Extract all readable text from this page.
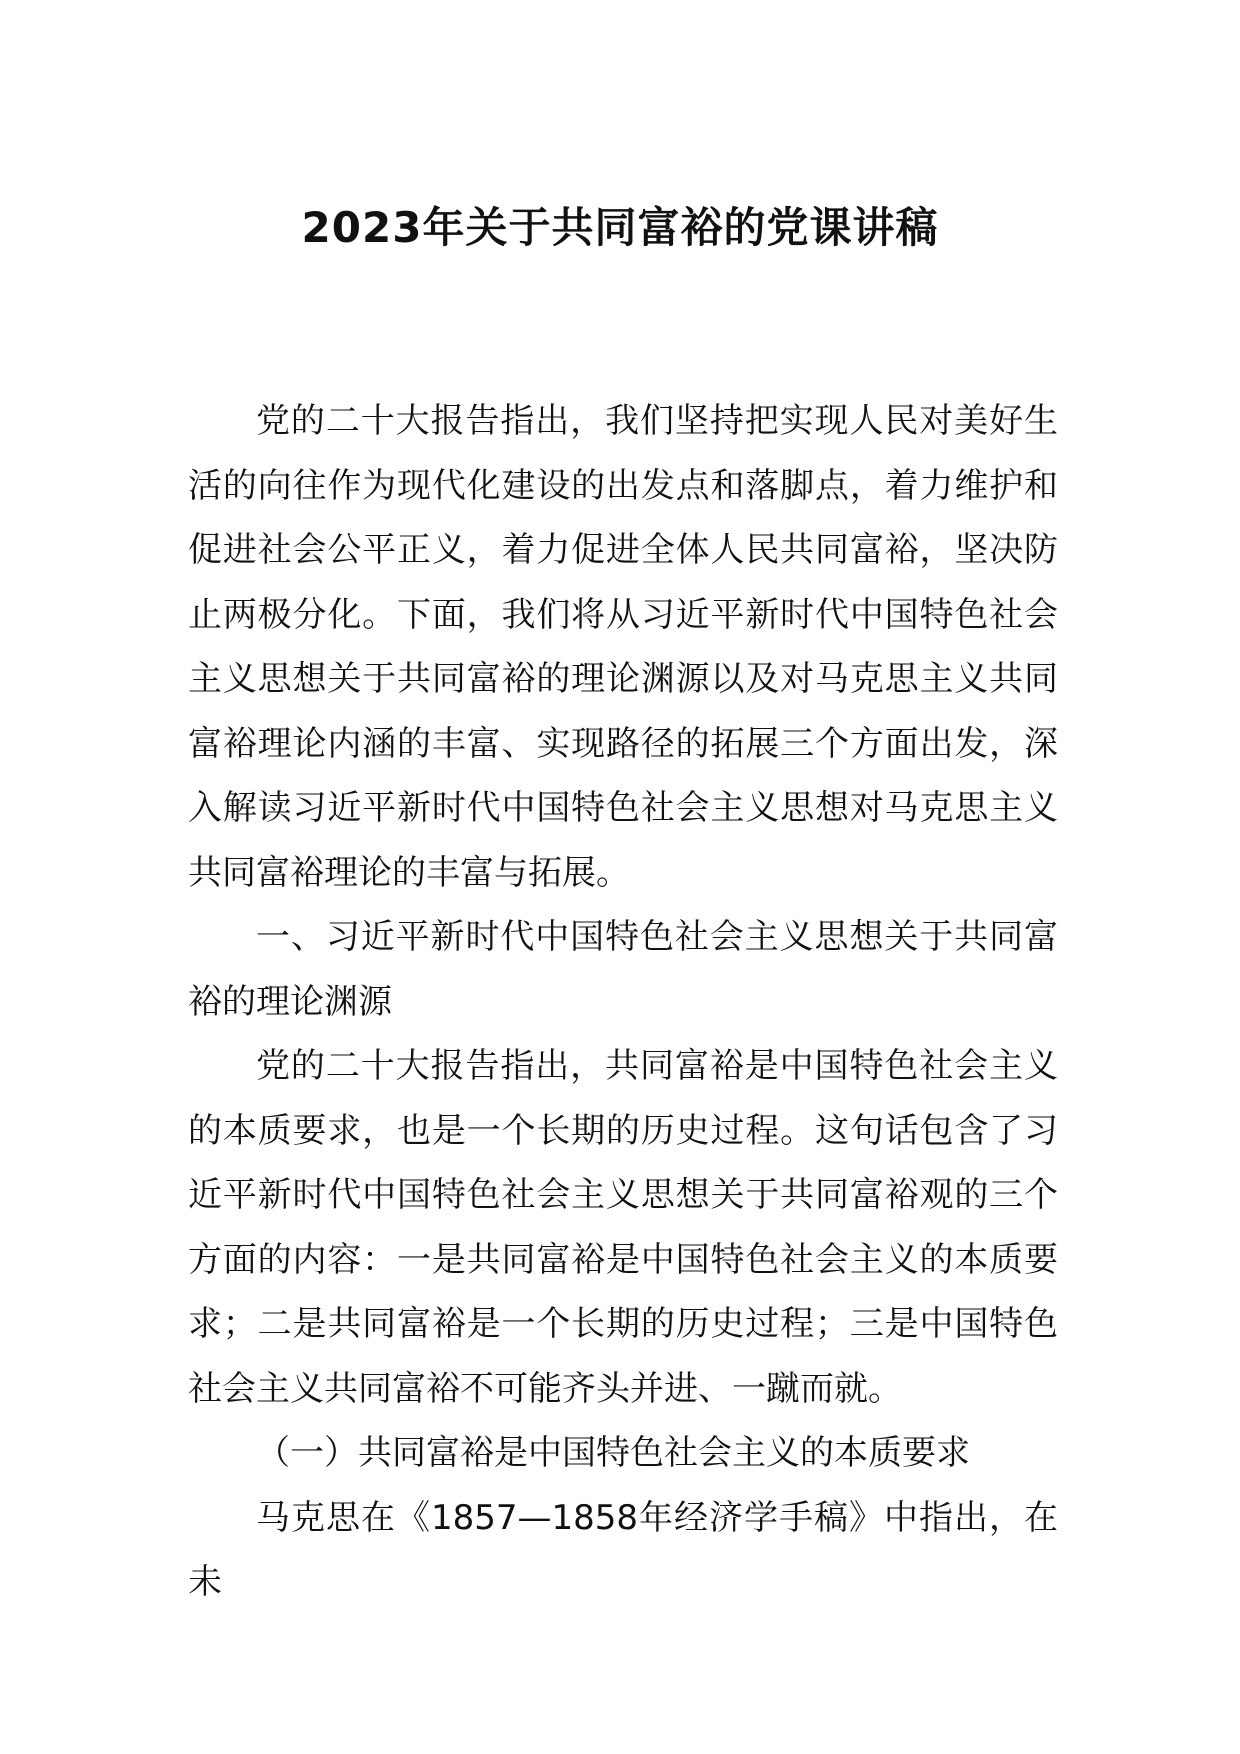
2023年关于共同富裕的党课讲稿

党的二十大报告指出，我们坚持把实现人民对美好生活的向往作为现代化建设的出发点和落脚点，着力维护和促进社会公平正义，着力促进全体人民共同富裕，坚决防止两极分化。下面，我们将从习近平新时代中国特色社会主义思想关于共同富裕的理论渊源以及对马克思主义共同富裕理论内涵的丰富、实现路径的拓展三个方面出发，深入解读习近平新时代中国特色社会主义思想对马克思主义共同富裕理论的丰富与拓展。

一、习近平新时代中国特色社会主义思想关于共同富裕的理论渊源

党的二十大报告指出，共同富裕是中国特色社会主义的本质要求，也是一个长期的历史过程。这句话包含了习近平新时代中国特色社会主义思想关于共同富裕观的三个方面的内容：一是共同富裕是中国特色社会主义的本质要求；二是共同富裕是一个长期的历史过程；三是中国特色社会主义共同富裕不可能齐头并进、一蹴而就。

（一）共同富裕是中国特色社会主义的本质要求

马克思在《1857—1858年经济学手稿》中指出，在未
